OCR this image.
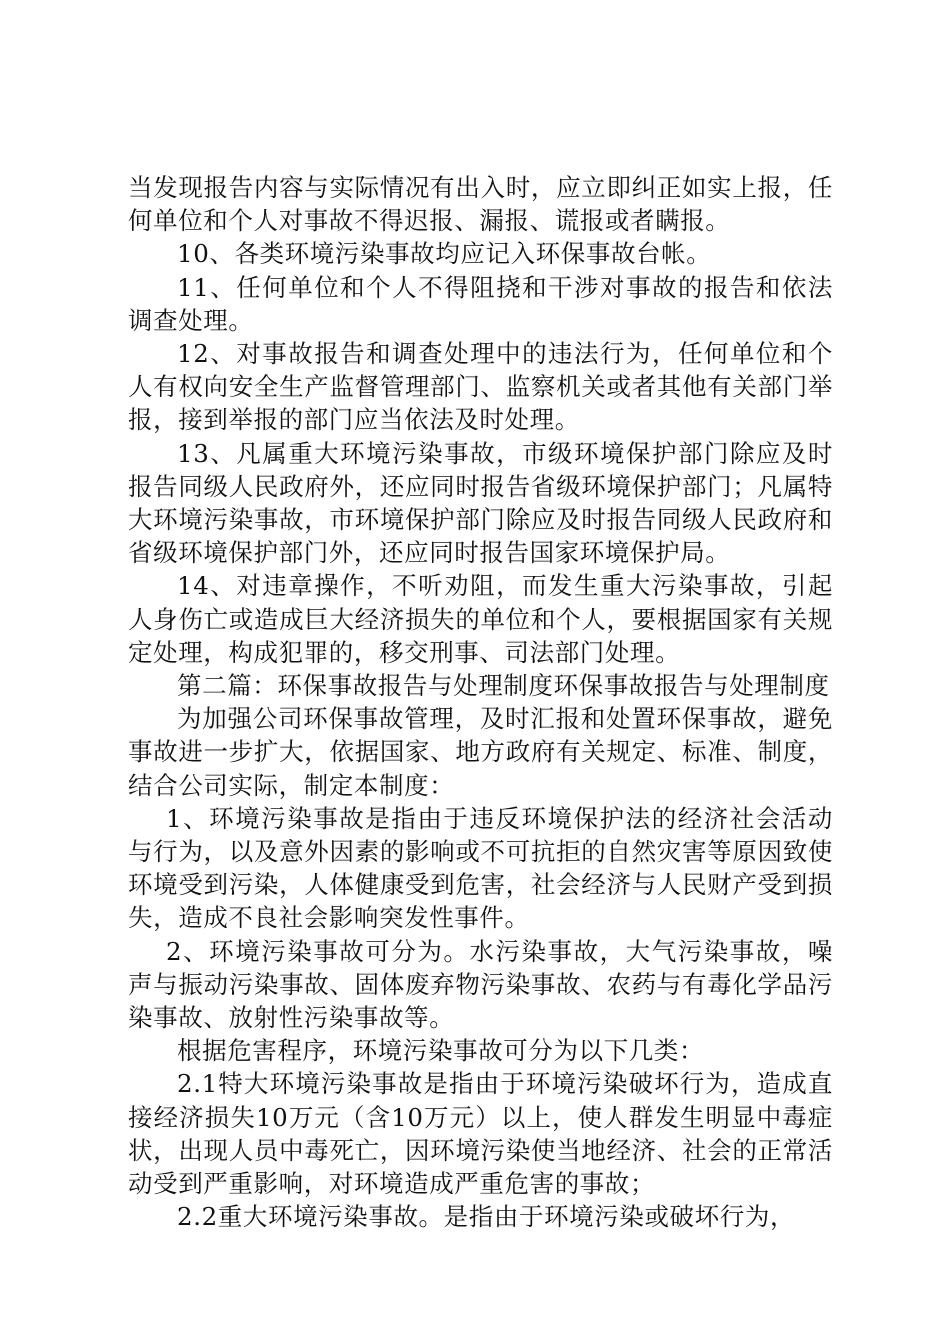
当发现报告内容与实际情况有出入时，应立即纠正如实上报，任何单位和个人对事故不得迟报、漏报、谎报或者瞒报。

10、各类环境污染事故均应记入环保事故台帐。

11、任何单位和个人不得阻挠和干涉对事故的报告和依法调查处理。

12、对事故报告和调查处理中的违法行为，任何单位和个人有权向安全生产监督管理部门、监察机关或者其他有关部门举报，接到举报的部门应当依法及时处理。

13、凡属重大环境污染事故，市级环境保护部门除应及时报告同级人民政府外，还应同时报告省级环境保护部门；凡属特大环境污染事故，市环境保护部门除应及时报告同级人民政府和省级环境保护部门外，还应同时报告国家环境保护局。

14、对违章操作，不听劝阻，而发生重大污染事故，引起人身伤亡或造成巨大经济损失的单位和个人，要根据国家有关规定处理，构成犯罪的，移交刑事、司法部门处理。

第二篇：环保事故报告与处理制度环保事故报告与处理制度

为加强公司环保事故管理，及时汇报和处置环保事故，避免事故进一步扩大，依据国家、地方政府有关规定、标准、制度，结合公司实际，制定本制度：

1、环境污染事故是指由于违反环境保护法的经济社会活动与行为，以及意外因素的影响或不可抗拒的自然灾害等原因致使环境受到污染，人体健康受到危害，社会经济与人民财产受到损失，造成不良社会影响突发性事件。

2、环境污染事故可分为。水污染事故，大气污染事故，噪声与振动污染事故、固体废弃物污染事故、农药与有毒化学品污染事故、放射性污染事故等。

根据危害程序，环境污染事故可分为以下几类：

2.1特大环境污染事故是指由于环境污染破坏行为，造成直接经济损失10万元（含10万元）以上，使人群发生明显中毒症状，出现人员中毒死亡，因环境污染使当地经济、社会的正常活动受到严重影响，对环境造成严重危害的事故；

2.2重大环境污染事故。是指由于环境污染或破坏行为，
